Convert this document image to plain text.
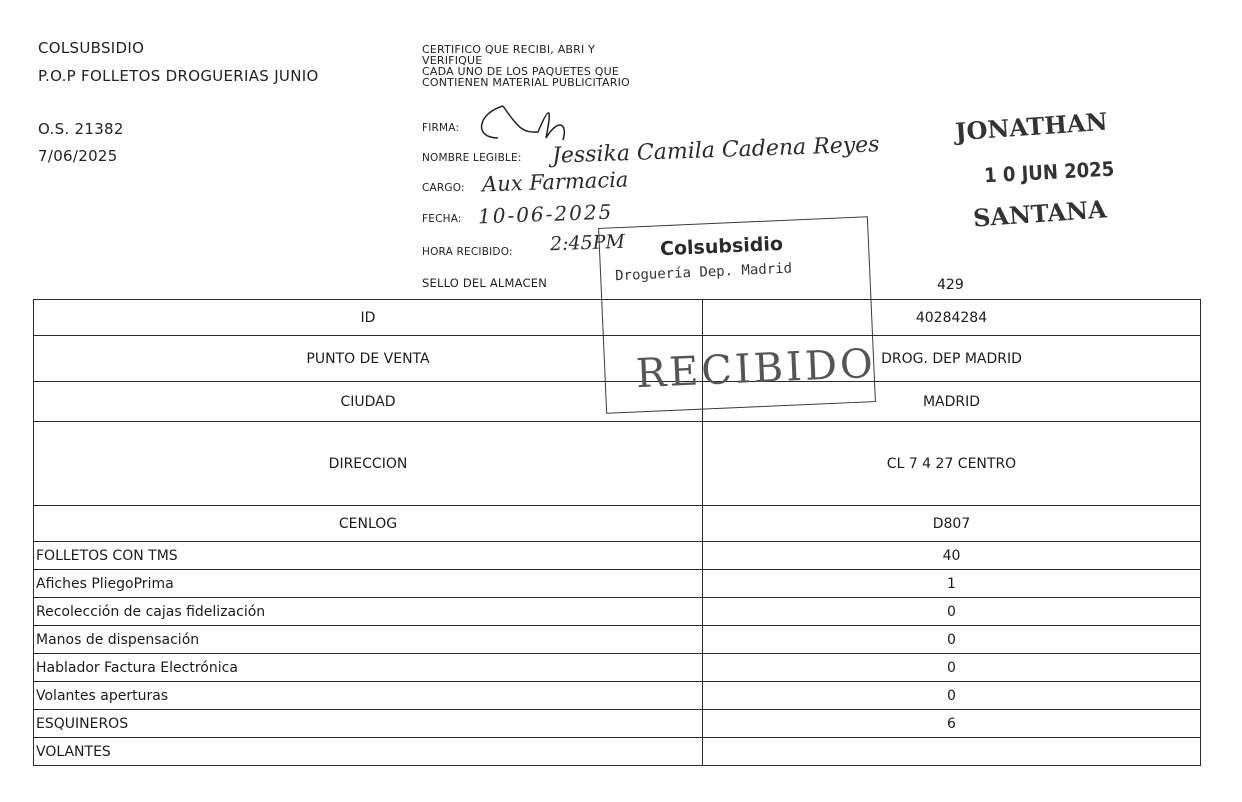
COLSUBSIDIO
P.O.P FOLLETOS DROGUERIAS JUNIO
O.S. 21382
7/06/2025
CERTIFICO QUE RECIBI, ABRI Y
VERIFIQUE
CADA UNO DE LOS PAQUETES QUE
CONTIENEN MATERIAL PUBLICITARIO
FIRMA:
NOMBRE LEGIBLE: Jessika Camila Cadena Reyes
CARGO: Aux Farmacia
FECHA: 10-06-2025
HORA RECIBIDO: 2:45PM
SELLO DEL ALMACEN
Colsubsidio
Droguería Dep. Madrid
JONATHAN
1 0 JUN 2025
SANTANA
429
ID	40284284
PUNTO DE VENTA	DROG. DEP MADRID
CIUDAD	MADRID
DIRECCION	CL 7 4 27 CENTRO
CENLOG	D807
FOLLETOS CON TMS	40
Afiches PliegoPrima	1
Recolección de cajas fidelización	0
Manos de dispensación	0
Hablador Factura Electrónica	0
Volantes aperturas	0
ESQUINEROS	6
VOLANTES	
RECIBIDO
